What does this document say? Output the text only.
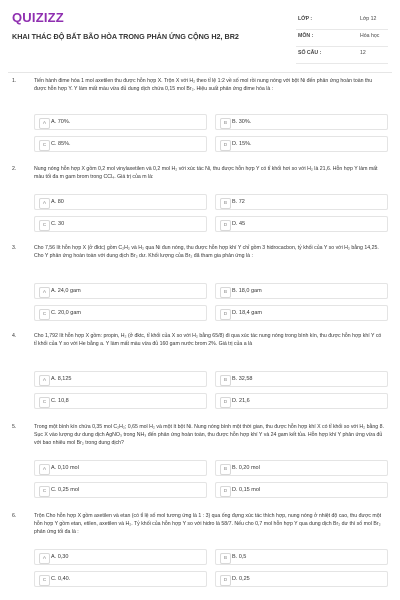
QUIZIZZ
KHAI THÁC ĐỘ BẤT BÃO HÒA TRONG PHẢN ỨNG CỘNG H2, BR2
LỚP :	Lớp 12
MÔN :	Hóa học
SỐ CÂU :	12
1.	Tiến hành đime hóa 1 mol axetilen thu được hỗn hợp X. Trộn X với H₂ theo tỉ lệ 1:2 về số mol rồi nung nóng với bột Ni đến phản ứng hoàn toàn thu được hỗn hợp Y. Y làm mất màu vừa đủ dung dịch chứa 0,15 mol Br₂. Hiệu suất phản ứng đime hóa là :
A A. 70%.	B B. 30%.
C C. 85%.	D D. 15%.
2.	Nung nóng hỗn hợp X gồm 0,2 mol vinylaxetilen và 0,2 mol H₂ với xúc tác Ni, thu được hỗn hợp Y có tỉ khối hơi so với H₂ là 21,6. Hỗn hợp Y làm mất màu tối đa m gam brom trong CCl₄. Giá trị của m là:
A A. 80	B B. 72
C C. 30	D D. 45
3.	Cho 7,56 lít hỗn hợp X (ở đktc) gồm C₂H₂ và H₂ qua Ni đun nóng, thu được hỗn hợp khí Y chỉ gồm 3 hidrocacbon, tỷ khối của Y so với H₂ bằng 14,25. Cho Y phản ứng hoàn toàn với dung dịch Br₂ dư. Khối lượng của Br₂ đã tham gia phản ứng là :
A A. 24,0 gam	B B. 18,0 gam
C C. 20,0 gam	D D. 18,4 gam
4.	Cho 1,792 lít hỗn hợp X gồm: propin, H₂ (ở đktc, tỉ khối của X so với H₂ bằng 65/8) đi qua xúc tác nung nóng trong bình kín, thu được hỗn hợp khí Y có tỉ khối của Y so với He bằng a. Y làm mất màu vừa đủ 160 gam nước brom 2%. Giá trị của a là
A A. 8,125	B B. 32,58
C C. 10,8	D D. 21,6
5.	Trong một bình kín chứa 0,35 mol C₂H₂; 0,65 mol H₂ và một ít bột Ni. Nung nóng bình một thời gian, thu được hỗn hợp khí X có tỉ khối so với H₂ bằng 8. Sục X vào lượng dư dung dịch AgNO₃ trong NH₃ đến phản ứng hoàn toàn, thu được hỗn hợp khí Y và 24 gam kết tủa. Hỗn hợp khí Y phản ứng vừa đủ với bao nhiêu mol Br₂ trong dung dịch?
A A. 0,10 mol	B B. 0,20 mol
C C. 0,25 mol	D D. 0,15 mol
6.	Trộn Cho hỗn hợp X gồm axetilen và etan (có tỉ lệ số mol tương ứng là 1 : 3) qua ống đựng xúc tác thích hợp, nung nóng ở nhiệt độ cao, thu được một hỗn hợp Y gồm etan, etilen, axetilen và H₂. Tỷ khối của hỗn hợp Y so với hidro là 58/7. Nếu cho 0,7 mol hỗn hợp Y qua dung dịch Br₂ dư thì số mol Br₂ phản ứng tối đa là :
A A. 0,30	B B. 0,5
C C. 0,40.	D D. 0,25
